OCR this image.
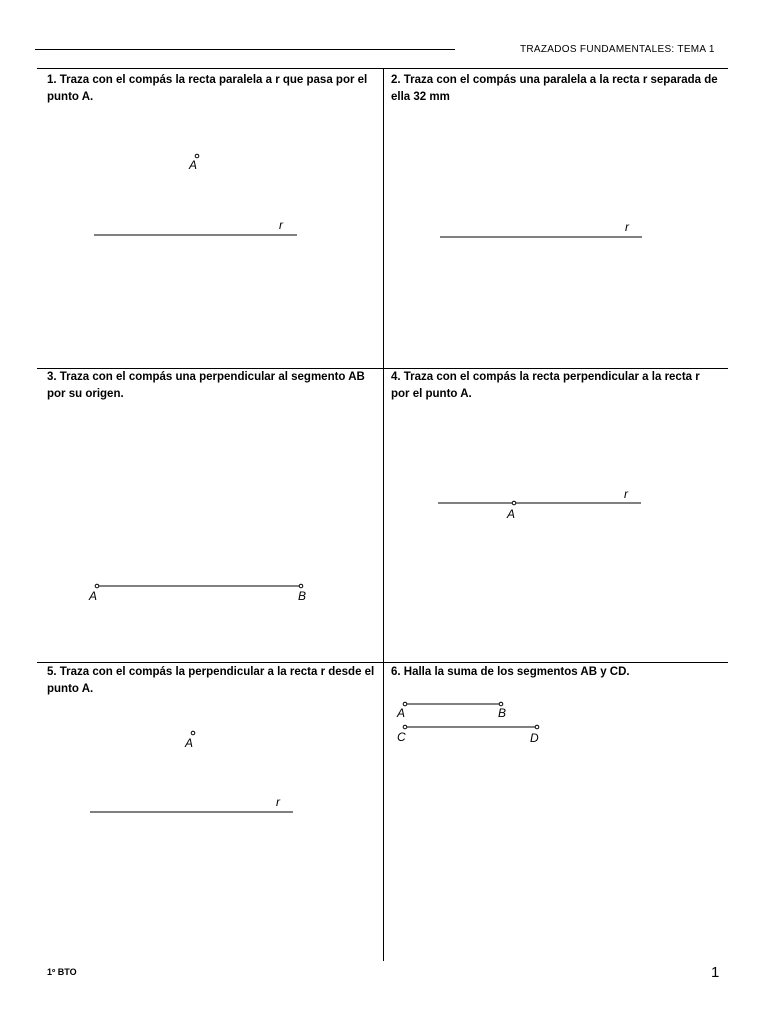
TRAZADOS FUNDAMENTALES: TEMA 1
1. Traza con el compás la recta paralela a r que pasa por el punto A.
2. Traza con el compás una paralela a la recta r separada de ella 32 mm
3. Traza con el compás una perpendicular al segmento AB por su origen.
4. Traza con el compás la recta perpendicular a la recta r por el punto A.
5. Traza con el compás la perpendicular a la recta r desde el punto A.
6. Halla la suma de los segmentos AB y CD.
A
r	r
A	B
r
A
A
r
A	B
C	D
1º BTO	1
